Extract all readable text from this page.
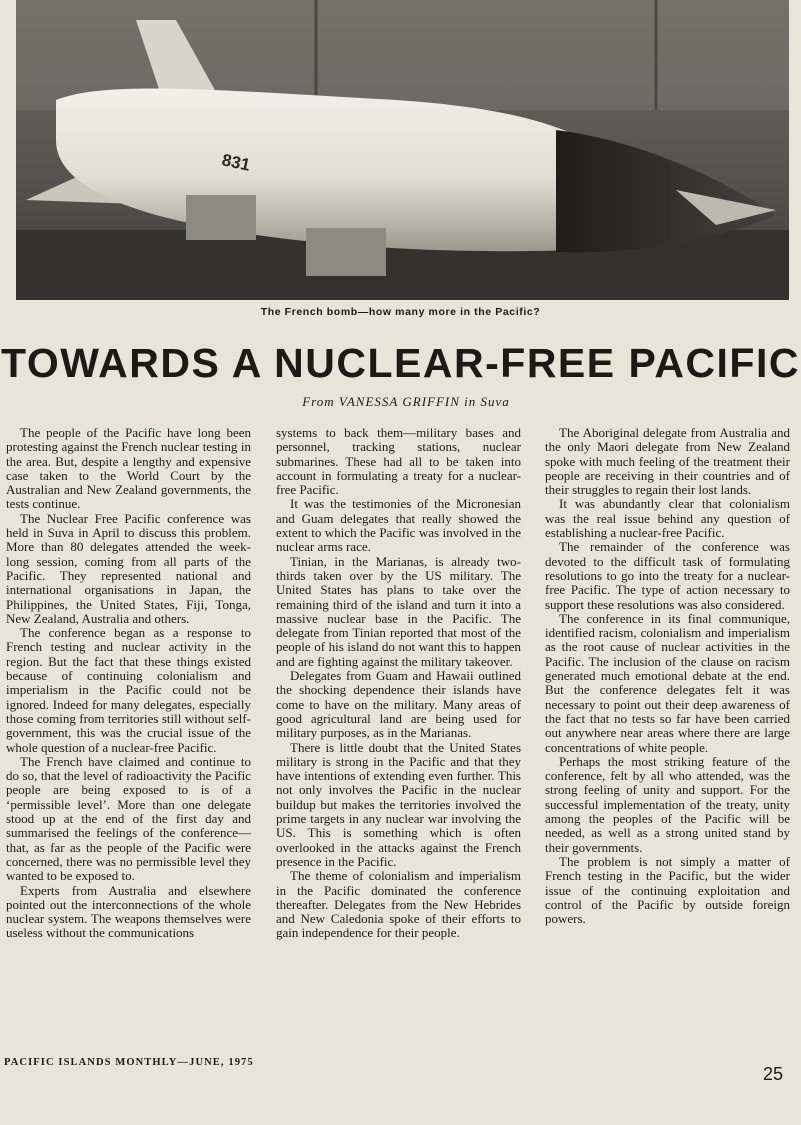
831
The French bomb—how many more in the Pacific?
TOWARDS A NUCLEAR-FREE PACIFIC
From VANESSA GRIFFIN in Suva

The people of the Pacific have long been protesting against the French nuclear testing in the area. But, despite a lengthy and expensive case taken to the World Court by the Australian and New Zealand governments, the tests continue.

The Nuclear Free Pacific conference was held in Suva in April to discuss this problem. More than 80 delegates attended the week-long session, coming from all parts of the Pacific. They represented national and international organisations in Japan, the Philippines, the United States, Fiji, Tonga, New Zealand, Australia and others.

The conference began as a response to French testing and nuclear activity in the region. But the fact that these things existed because of continuing colonialism and imperialism in the Pacific could not be ignored. Indeed for many delegates, especially those coming from territories still without self-government, this was the crucial issue of the whole question of a nuclear-free Pacific.

The French have claimed and continue to do so, that the level of radioactivity the Pacific people are being exposed to is of a ‘permissible level’. More than one delegate stood up at the end of the first day and summarised the feelings of the conference—that, as far as the people of the Pacific were concerned, there was no permissible level they wanted to be exposed to.

Experts from Australia and elsewhere pointed out the interconnections of the whole nuclear system. The weapons themselves were useless without the communications

systems to back them—military bases and personnel, tracking stations, nuclear submarines. These had all to be taken into account in formulating a treaty for a nuclear-free Pacific.

It was the testimonies of the Micronesian and Guam delegates that really showed the extent to which the Pacific was involved in the nuclear arms race.

Tinian, in the Marianas, is already two-thirds taken over by the US military. The United States has plans to take over the remaining third of the island and turn it into a massive nuclear base in the Pacific. The delegate from Tinian reported that most of the people of his island do not want this to happen and are fighting against the military takeover.

Delegates from Guam and Hawaii outlined the shocking dependence their islands have come to have on the military. Many areas of good agricultural land are being used for military purposes, as in the Marianas.

There is little doubt that the United States military is strong in the Pacific and that they have intentions of extending even further. This not only involves the Pacific in the nuclear buildup but makes the territories involved the prime targets in any nuclear war involving the US. This is something which is often overlooked in the attacks against the French presence in the Pacific.

The theme of colonialism and imperialism in the Pacific dominated the conference thereafter. Delegates from the New Hebrides and New Caledonia spoke of their efforts to gain independence for their people.

The Aboriginal delegate from Australia and the only Maori delegate from New Zealand spoke with much feeling of the treatment their people are receiving in their countries and of their struggles to regain their lost lands.

It was abundantly clear that colonialism was the real issue behind any question of establishing a nuclear-free Pacific.

The remainder of the conference was devoted to the difficult task of formulating resolutions to go into the treaty for a nuclear-free Pacific. The type of action necessary to support these resolutions was also considered.

The conference in its final communique, identified racism, colonialism and imperialism as the root cause of nuclear activities in the Pacific. The inclusion of the clause on racism generated much emotional debate at the end. But the conference delegates felt it was necessary to point out their deep awareness of the fact that no tests so far have been carried out anywhere near areas where there are large concentrations of white people.

Perhaps the most striking feature of the conference, felt by all who attended, was the strong feeling of unity and support. For the successful implementation of the treaty, unity among the peoples of the Pacific will be needed, as well as a strong united stand by their governments.

The problem is not simply a matter of French testing in the Pacific, but the wider issue of the continuing exploitation and control of the Pacific by outside foreign powers.

PACIFIC ISLANDS MONTHLY—JUNE, 1975
25
